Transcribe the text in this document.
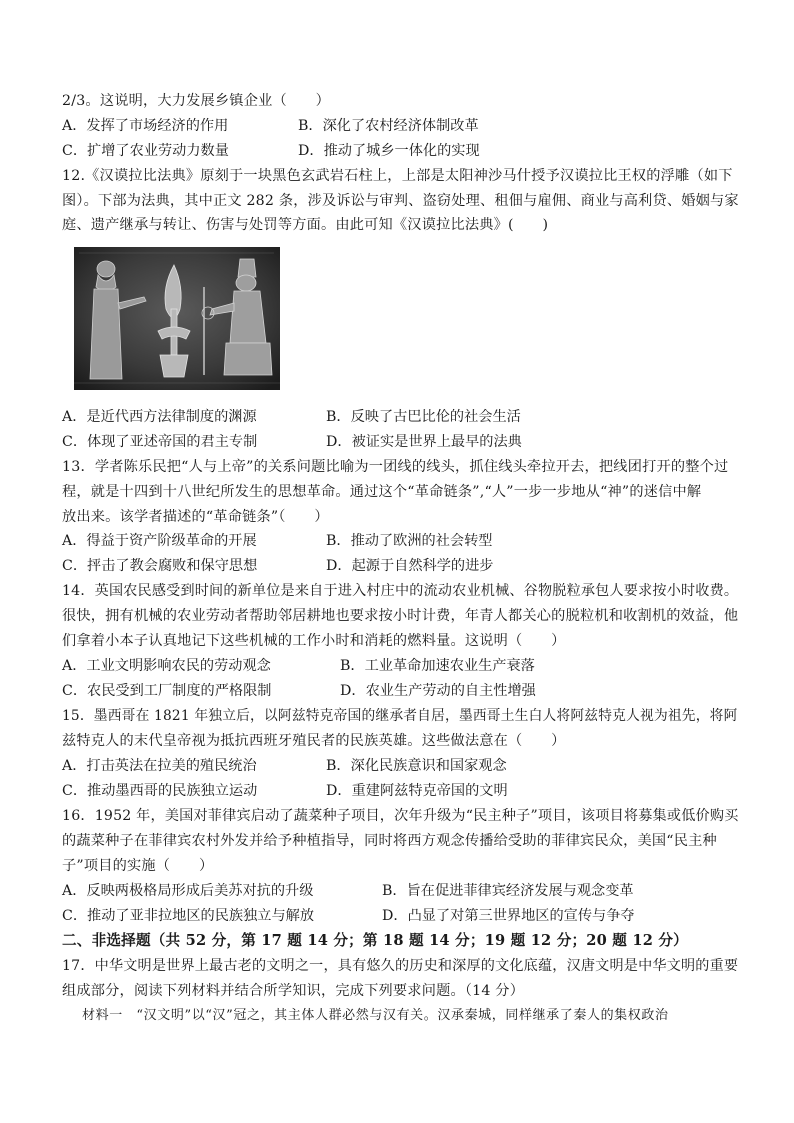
2/3。这说明，大力发展乡镇企业（　　）
A．发挥了市场经济的作用	B．深化了农村经济体制改革
C．扩增了农业劳动力数量	D．推动了城乡一体化的实现
12.《汉谟拉比法典》原刻于一块黑色玄武岩石柱上，上部是太阳神沙马什授予汉谟拉比王权的浮雕（如下
图）。下部为法典，其中正文 282 条，涉及诉讼与审判、盗窃处理、租佃与雇佣、商业与高利贷、婚姻与家
庭、遗产继承与转让、伤害与处罚等方面。由此可知《汉谟拉比法典》(　　)
A．是近代西方法律制度的渊源	B．反映了古巴比伦的社会生活
C．体现了亚述帝国的君主专制	D．被证实是世界上最早的法典
13．学者陈乐民把“人与上帝”的关系问题比喻为一团线的线头，抓住线头牵拉开去，把线团打开的整个过
程，就是十四到十八世纪所发生的思想革命。通过这个“革命链条”,“人”一步一步地从“神”的迷信中解
放出来。该学者描述的“革命链条”（　　）
A．得益于资产阶级革命的开展	B．推动了欧洲的社会转型
C．抨击了教会腐败和保守思想	D．起源于自然科学的进步
14．英国农民感受到时间的新单位是来自于进入村庄中的流动农业机械、谷物脱粒承包人要求按小时收费。
很快，拥有机械的农业劳动者帮助邻居耕地也要求按小时计费，年青人都关心的脱粒机和收割机的效益，他
们拿着小本子认真地记下这些机械的工作小时和消耗的燃料量。这说明（　　）
A．工业文明影响农民的劳动观念	B．工业革命加速农业生产衰落
C．农民受到工厂制度的严格限制	D．农业生产劳动的自主性增强
15．墨西哥在 1821 年独立后，以阿兹特克帝国的继承者自居，墨西哥土生白人将阿兹特克人视为祖先，将阿
兹特克人的末代皇帝视为抵抗西班牙殖民者的民族英雄。这些做法意在（　　）
A．打击英法在拉美的殖民统治	B．深化民族意识和国家观念
C．推动墨西哥的民族独立运动	D．重建阿兹特克帝国的文明
16．1952 年，美国对菲律宾启动了蔬菜种子项目，次年升级为“民主种子”项目，该项目将募集或低价购买
的蔬菜种子在菲律宾农村外发并给予种植指导，同时将西方观念传播给受助的菲律宾民众，美国“民主种
子”项目的实施（　　）
A．反映两极格局形成后美苏对抗的升级	B．旨在促进菲律宾经济发展与观念变革
C．推动了亚非拉地区的民族独立与解放	D．凸显了对第三世界地区的宣传与争夺
二、非选择题（共 52 分，第 17 题 14 分；第 18 题 14 分；19 题 12 分；20 题 12 分）
17．中华文明是世界上最古老的文明之一，具有悠久的历史和深厚的文化底蕴，汉唐文明是中华文明的重要
组成部分，阅读下列材料并结合所学知识，完成下列要求问题。（14 分）
材料一　“汉文明”以“汉”冠之，其主体人群必然与汉有关。汉承秦城，同样继承了秦人的集权政治
